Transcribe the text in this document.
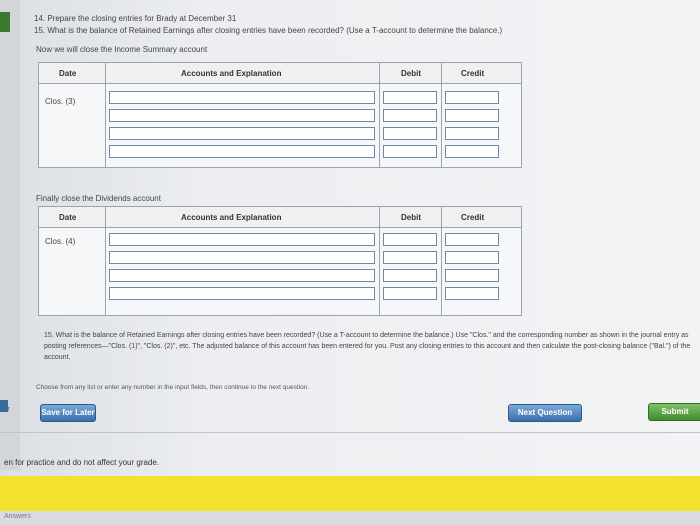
14. Prepare the closing entries for Brady at December 31
15. What is the balance of Retained Earnings after closing entries have been recorded? (Use a T-account to determine the balance.)
Now we will close the Income Summary account
Date	Accounts and Explanation	Debit	Credit
Clos. (3)
Finally close the Dividends account
Date	Accounts and Explanation	Debit	Credit
Clos. (4)
15. What is the balance of Retained Earnings after closing entries have been recorded? (Use a T-account to determine the balance.) Use "Clos." and the corresponding number as shown in the journal entry as posting references—"Clos. (1)", "Clos. (2)", etc. The adjusted balance of this account has been entered for you. Post any closing entries to this account and then calculate the post-closing balance ("Bal.") of the account.
Choose from any list or enter any number in the input fields, then continue to the next question.
ler	Save for Later	Next Question	Submit
en for practice and do not affect your grade.
Answers
